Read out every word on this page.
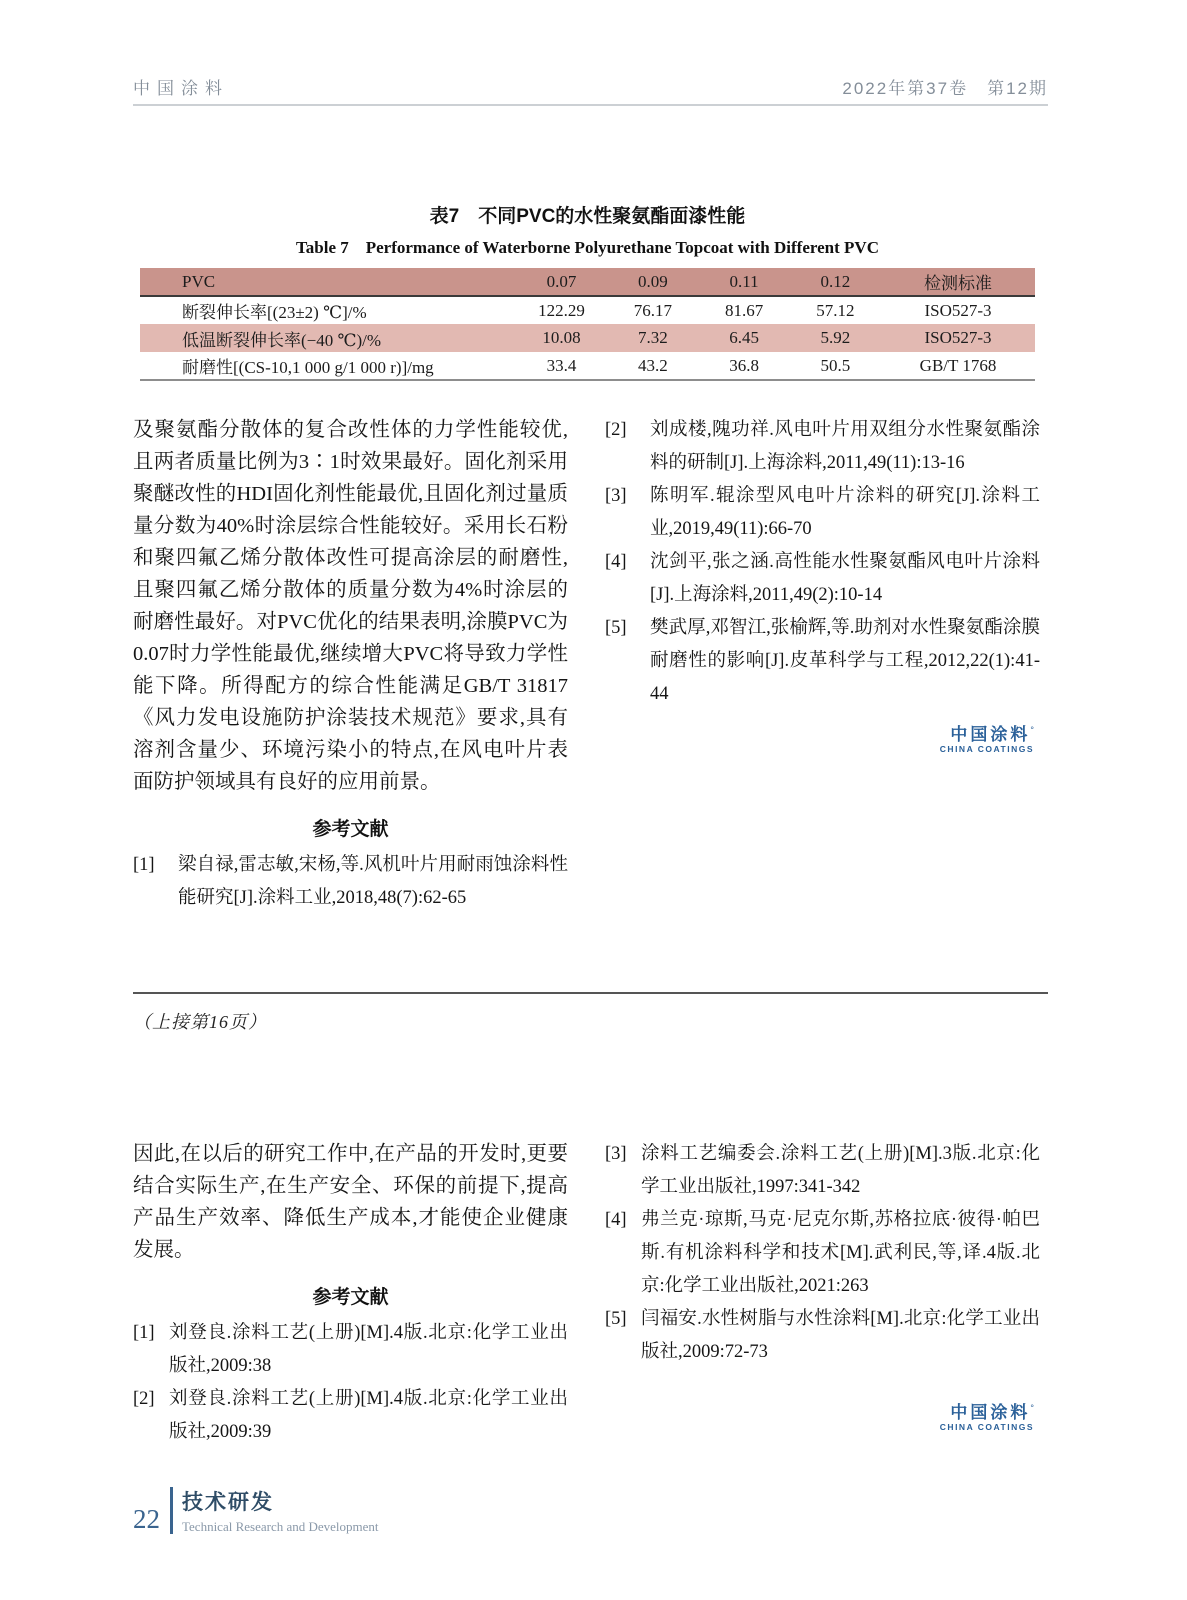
中国涂料	2022年第37卷　第12期
表7　不同PVC的水性聚氨酯面漆性能
Table 7　Performance of Waterborne Polyurethane Topcoat with Different PVC
PVC	0.07	0.09	0.11	0.12	检测标准
断裂伸长率[(23±2) ℃]/%	122.29	76.17	81.67	57.12	ISO527-3
低温断裂伸长率(−40 ℃)/%	10.08	7.32	6.45	5.92	ISO527-3
耐磨性[(CS-10,1 000 g/1 000 r)]/mg	33.4	43.2	36.8	50.5	GB/T 1768

及聚氨酯分散体的复合改性体的力学性能较优,且两者质量比例为3∶1时效果最好。固化剂采用聚醚改性的HDI固化剂性能最优,且固化剂过量质量分数为40%时涂层综合性能较好。采用长石粉和聚四氟乙烯分散体改性可提高涂层的耐磨性,且聚四氟乙烯分散体的质量分数为4%时涂层的耐磨性最好。对PVC优化的结果表明,涂膜PVC为0.07时力学性能最优,继续增大PVC将导致力学性能下降。所得配方的综合性能满足GB/T 31817《风力发电设施防护涂装技术规范》要求,具有溶剂含量少、环境污染小的特点,在风电叶片表面防护领域具有良好的应用前景。

参考文献
[1]	梁自禄,雷志敏,宋杨,等.风机叶片用耐雨蚀涂料性能研究[J].涂料工业,2018,48(7):62-65
[2]	刘成楼,隗功祥.风电叶片用双组分水性聚氨酯涂料的研制[J].上海涂料,2011,49(11):13-16
[3]	陈明军.辊涂型风电叶片涂料的研究[J].涂料工业,2019,49(11):66-70
[4]	沈剑平,张之涵.高性能水性聚氨酯风电叶片涂料[J].上海涂料,2011,49(2):10-14
[5]	樊武厚,邓智江,张榆辉,等.助剂对水性聚氨酯涂膜耐磨性的影响[J].皮革科学与工程,2012,22(1):41-44
中国涂料°
CHINA COATINGS
（上接第16页）

因此,在以后的研究工作中,在产品的开发时,更要结合实际生产,在生产安全、环保的前提下,提高产品生产效率、降低生产成本,才能使企业健康发展。

参考文献
[1] 刘登良.涂料工艺(上册)[M].4版.北京:化学工业出版社,2009:38
[2] 刘登良.涂料工艺(上册)[M].4版.北京:化学工业出版社,2009:39
[3] 涂料工艺编委会.涂料工艺(上册)[M].3版.北京:化学工业出版社,1997:341-342
[4] 弗兰克·琼斯,马克·尼克尔斯,苏格拉底·彼得·帕巴斯.有机涂料科学和技术[M].武利民,等,译.4版.北京:化学工业出版社,2021:263
[5] 闫福安.水性树脂与水性涂料[M].北京:化学工业出版社,2009:72-73
中国涂料°
CHINA COATINGS
22
技术研发
Technical Research and Development
